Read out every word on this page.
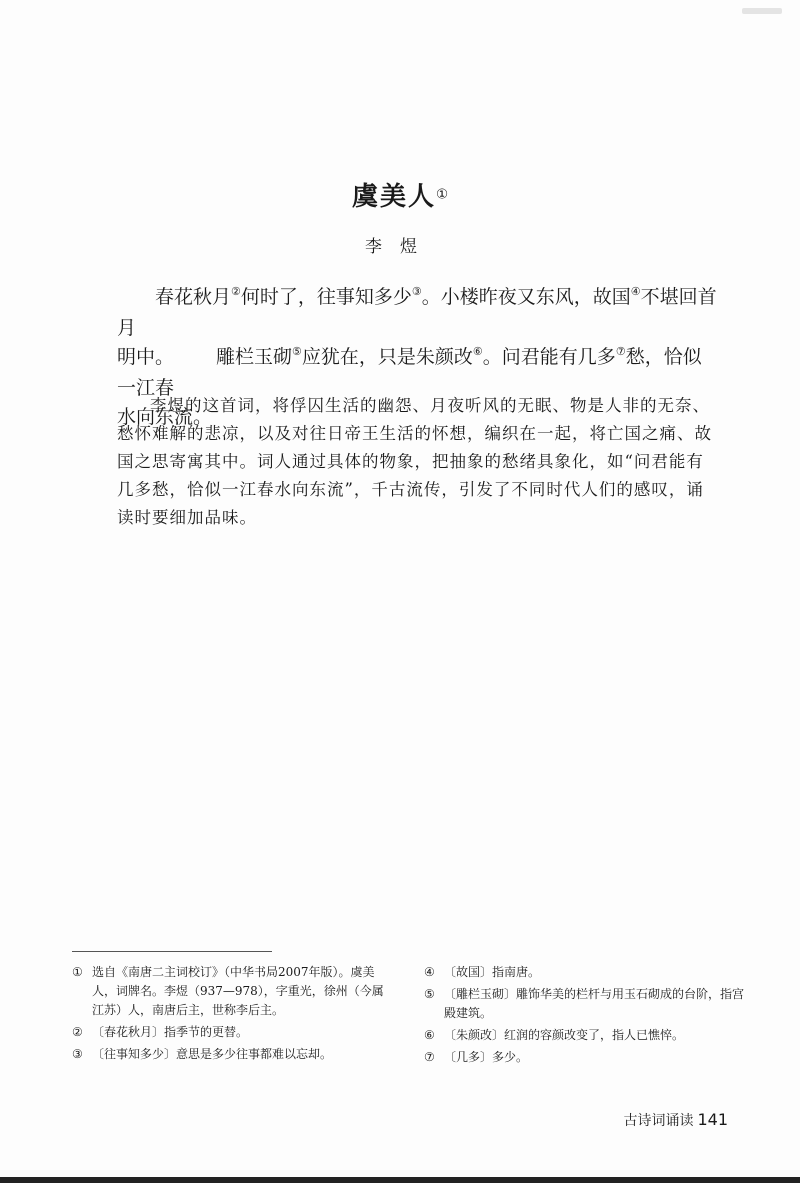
虞美人①
李煜

春花秋月②何时了，往事知多少③。小楼昨夜又东风，故国④不堪回首月

明中。 雕栏玉砌⑤应犹在，只是朱颜改⑥。问君能有几多⑦愁，恰似一江春

水向东流。

李煜的这首词，将俘囚生活的幽怨、月夜听风的无眠、物是人非的无奈、愁怀难解的悲凉，以及对往日帝王生活的怀想，编织在一起，将亡国之痛、故国之思寄寓其中。词人通过具体的物象，把抽象的愁绪具象化，如“问君能有几多愁，恰似一江春水向东流”，千古流传，引发了不同时代人们的感叹，诵读时要细加品味。

① 选自《南唐二主词校订》（中华书局2007年版）。虞美人，词牌名。李煜（937—978），字重光，徐州（今属江苏）人，南唐后主，世称李后主。
② 〔春花秋月〕指季节的更替。
③ 〔往事知多少〕意思是多少往事都难以忘却。
④ 〔故国〕指南唐。
⑤ 〔雕栏玉砌〕雕饰华美的栏杆与用玉石砌成的台阶，指宫殿建筑。
⑥ 〔朱颜改〕红润的容颜改变了，指人已憔悴。
⑦ 〔几多〕多少。
古诗词诵读 141
